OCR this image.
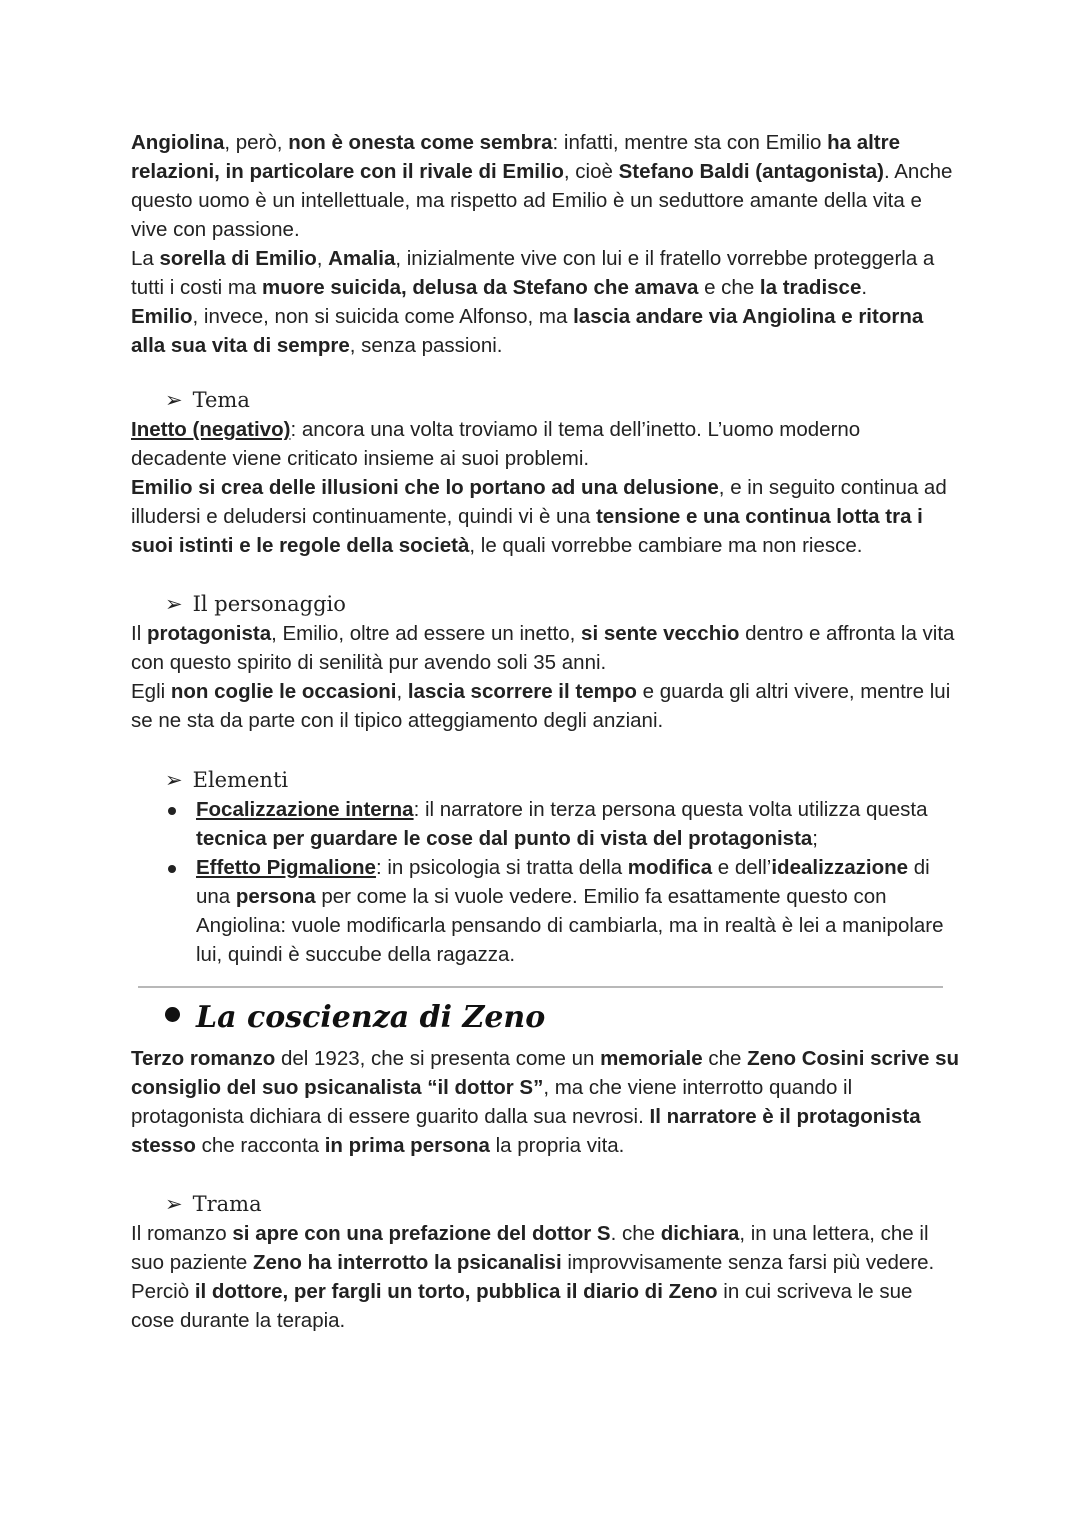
Angiolina, però, non è onesta come sembra: infatti, mentre sta con Emilio ha altre relazioni, in particolare con il rivale di Emilio, cioè Stefano Baldi (antagonista). Anche questo uomo è un intellettuale, ma rispetto ad Emilio è un seduttore amante della vita e vive con passione.

La sorella di Emilio, Amalia, inizialmente vive con lui e il fratello vorrebbe proteggerla a tutti i costi ma muore suicida, delusa da Stefano che amava e che la tradisce.

Emilio, invece, non si suicida come Alfonso, ma lascia andare via Angiolina e ritorna alla sua vita di sempre, senza passioni.

➢ Tema

Inetto (negativo): ancora una volta troviamo il tema dell’inetto. L’uomo moderno decadente viene criticato insieme ai suoi problemi.

Emilio si crea delle illusioni che lo portano ad una delusione, e in seguito continua ad illudersi e deludersi continuamente, quindi vi è una tensione e una continua lotta tra i suoi istinti e le regole della società, le quali vorrebbe cambiare ma non riesce.

➢ Il personaggio

Il protagonista, Emilio, oltre ad essere un inetto, si sente vecchio dentro e affronta la vita con questo spirito di senilità pur avendo soli 35 anni.

Egli non coglie le occasioni, lascia scorrere il tempo e guarda gli altri vivere, mentre lui se ne sta da parte con il tipico atteggiamento degli anziani.

➢ Elementi
Focalizzazione interna: il narratore in terza persona questa volta utilizza questa tecnica per guardare le cose dal punto di vista del protagonista;
Effetto Pigmalione: in psicologia si tratta della modifica e dell’idealizzazione di una persona per come la si vuole vedere. Emilio fa esattamente questo con Angiolina: vuole modificarla pensando di cambiarla, ma in realtà è lei a manipolare lui, quindi è succube della ragazza.
La coscienza di Zeno

Terzo romanzo del 1923, che si presenta come un memoriale che Zeno Cosini scrive su consiglio del suo psicanalista “il dottor S”, ma che viene interrotto quando il protagonista dichiara di essere guarito dalla sua nevrosi. Il narratore è il protagonista stesso che racconta in prima persona la propria vita.

➢ Trama

Il romanzo si apre con una prefazione del dottor S. che dichiara, in una lettera, che il suo paziente Zeno ha interrotto la psicanalisi improvvisamente senza farsi più vedere. Perciò il dottore, per fargli un torto, pubblica il diario di Zeno in cui scriveva le sue cose durante la terapia.
